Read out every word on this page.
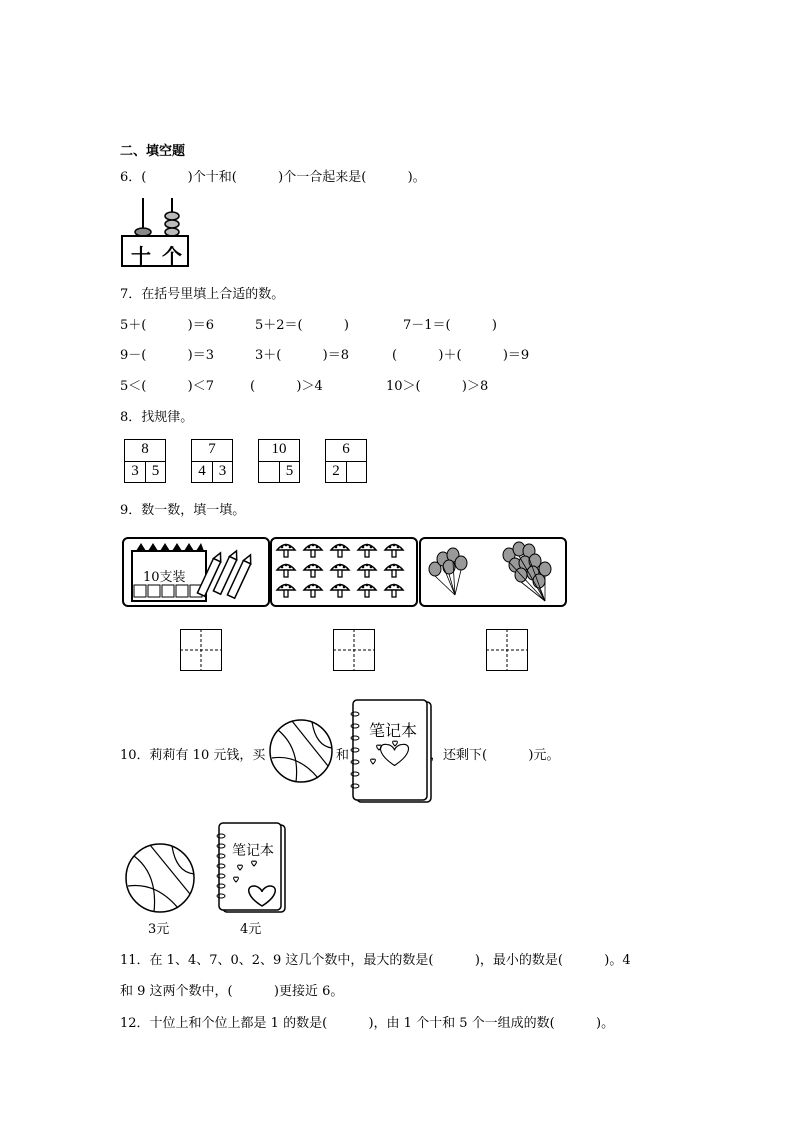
二、填空题
6．(          )个十和(          )个一合起来是(          )。
十 个
7．在括号里填上合适的数。
5＋(          )＝6	5＋2＝(          )	7－1＝(          )
9－(          )＝3	3＋(          )＝8	(          )＋(          )＝9
5＜(          )＜7	(          )＞4	10＞(          )＞8
8．找规律。
8
3 5
7
4 3
10
5
6
2
9．数一数，填一填。
10支装
10．莉莉有 10 元钱，买	和
笔记本
，还剩下(          )元。
3元
笔记本
4元
11．在 1、4、7、0、2、9 这几个数中，最大的数是(          )，最小的数是(          )。4
和 9 这两个数中，(          )更接近 6。
12．十位上和个位上都是 1 的数是(          )，由 1 个十和 5 个一组成的数(          )。
